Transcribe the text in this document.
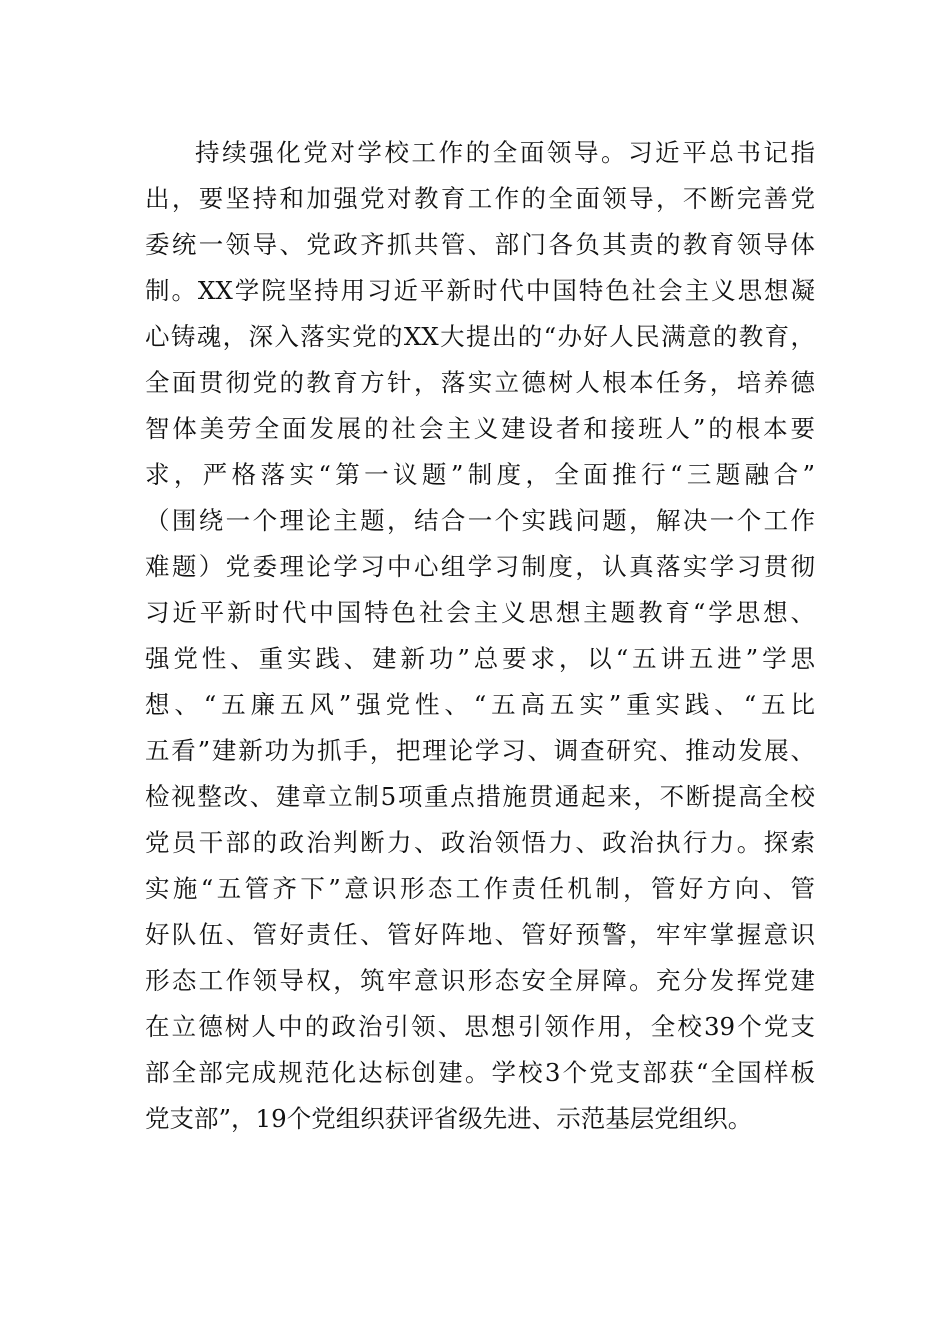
持续强化党对学校工作的全面领导。习近平总书记指
出，要坚持和加强党对教育工作的全面领导，不断完善党
委统一领导、党政齐抓共管、部门各负其责的教育领导体
制。XX学院坚持用习近平新时代中国特色社会主义思想凝
心铸魂，深入落实党的XX大提出的“办好人民满意的教育，
全面贯彻党的教育方针，落实立德树人根本任务，培养德
智体美劳全面发展的社会主义建设者和接班人”的根本要
求，严格落实“第一议题”制度，全面推行“三题融合”
（围绕一个理论主题，结合一个实践问题，解决一个工作
难题）党委理论学习中心组学习制度，认真落实学习贯彻
习近平新时代中国特色社会主义思想主题教育“学思想、
强党性、重实践、建新功”总要求，以“五讲五进”学思
想、“五廉五风”强党性、“五高五实”重实践、“五比
五看”建新功为抓手，把理论学习、调查研究、推动发展、
检视整改、建章立制5项重点措施贯通起来，不断提高全校
党员干部的政治判断力、政治领悟力、政治执行力。探索
实施“五管齐下”意识形态工作责任机制，管好方向、管
好队伍、管好责任、管好阵地、管好预警，牢牢掌握意识
形态工作领导权，筑牢意识形态安全屏障。充分发挥党建
在立德树人中的政治引领、思想引领作用，全校39个党支
部全部完成规范化达标创建。学校3个党支部获“全国样板
党支部”，19个党组织获评省级先进、示范基层党组织。
